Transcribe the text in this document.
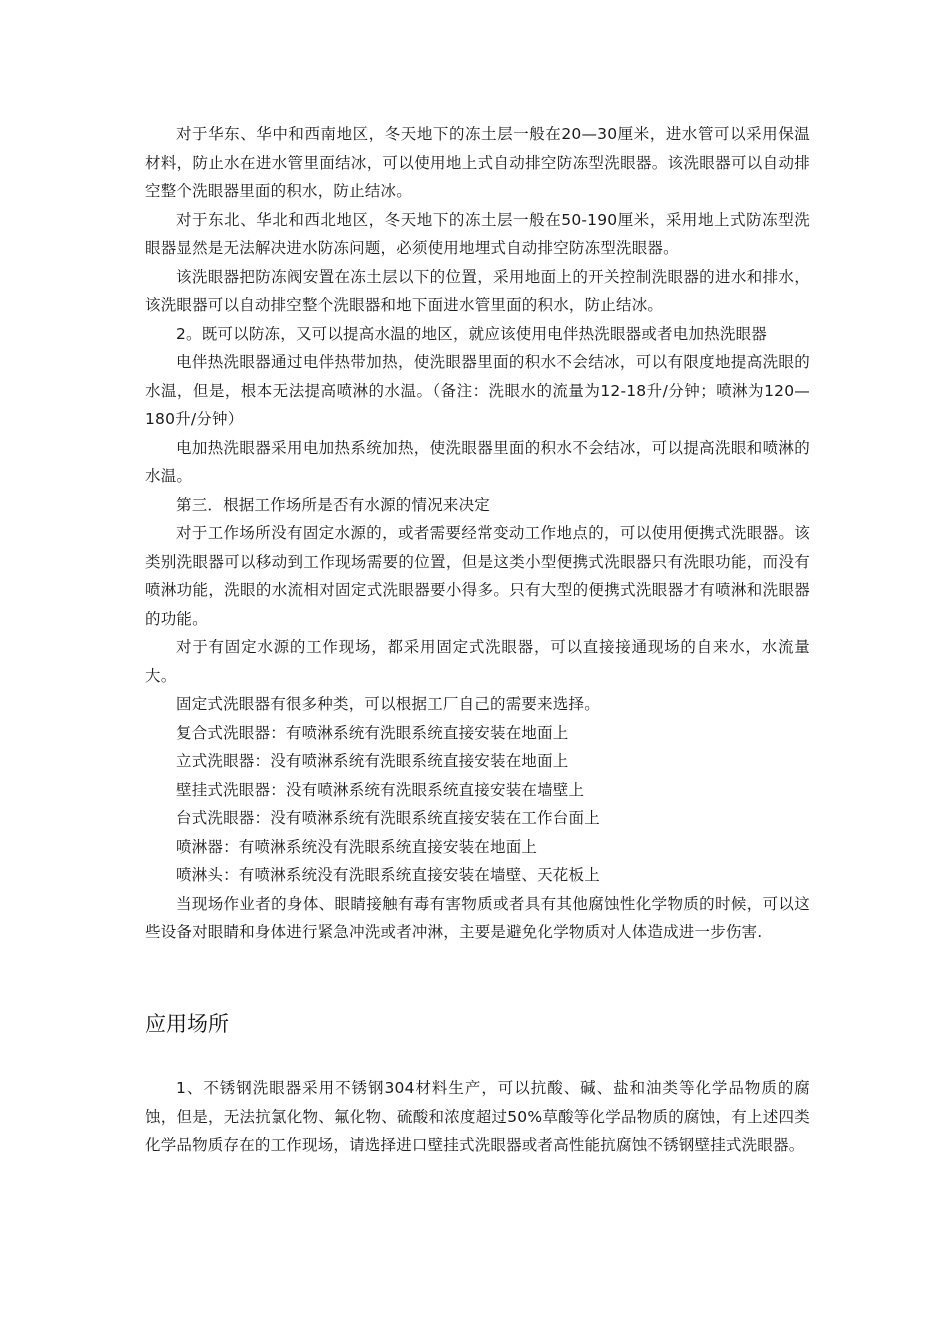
对于华东、华中和西南地区，冬天地下的冻土层一般在20—30厘米，进水管可以采用保温材料，防止水在进水管里面结冰，可以使用地上式自动排空防冻型洗眼器。该洗眼器可以自动排空整个洗眼器里面的积水，防止结冰。

对于东北、华北和西北地区，冬天地下的冻土层一般在50-190厘米，采用地上式防冻型洗眼器显然是无法解决进水防冻问题，必须使用地埋式自动排空防冻型洗眼器。

该洗眼器把防冻阀安置在冻土层以下的位置，采用地面上的开关控制洗眼器的进水和排水，该洗眼器可以自动排空整个洗眼器和地下面进水管里面的积水，防止结冰。

2。既可以防冻，又可以提高水温的地区，就应该使用电伴热洗眼器或者电加热洗眼器

电伴热洗眼器通过电伴热带加热，使洗眼器里面的积水不会结冰，可以有限度地提高洗眼的水温，但是，根本无法提高喷淋的水温。（备注：洗眼水的流量为12-18升/分钟；喷淋为120—180升/分钟）

电加热洗眼器采用电加热系统加热，使洗眼器里面的积水不会结冰，可以提高洗眼和喷淋的水温。

第三．根据工作场所是否有水源的情况来决定

对于工作场所没有固定水源的，或者需要经常变动工作地点的，可以使用便携式洗眼器。该类别洗眼器可以移动到工作现场需要的位置，但是这类小型便携式洗眼器只有洗眼功能，而没有喷淋功能，洗眼的水流相对固定式洗眼器要小得多。只有大型的便携式洗眼器才有喷淋和洗眼器的功能。

对于有固定水源的工作现场，都采用固定式洗眼器，可以直接接通现场的自来水，水流量大。

固定式洗眼器有很多种类，可以根据工厂自己的需要来选择。

复合式洗眼器：有喷淋系统有洗眼系统直接安装在地面上

立式洗眼器：没有喷淋系统有洗眼系统直接安装在地面上

壁挂式洗眼器：没有喷淋系统有洗眼系统直接安装在墙壁上

台式洗眼器：没有喷淋系统有洗眼系统直接安装在工作台面上

喷淋器：有喷淋系统没有洗眼系统直接安装在地面上

喷淋头：有喷淋系统没有洗眼系统直接安装在墙壁、天花板上

当现场作业者的身体、眼睛接触有毒有害物质或者具有其他腐蚀性化学物质的时候，可以这些设备对眼睛和身体进行紧急冲洗或者冲淋，主要是避免化学物质对人体造成进一步伤害.

应用场所

1、不锈钢洗眼器采用不锈钢304材料生产，可以抗酸、碱、盐和油类等化学品物质的腐蚀，但是，无法抗氯化物、氟化物、硫酸和浓度超过50%草酸等化学品物质的腐蚀，有上述四类化学品物质存在的工作现场，请选择进口壁挂式洗眼器或者高性能抗腐蚀不锈钢壁挂式洗眼器。
